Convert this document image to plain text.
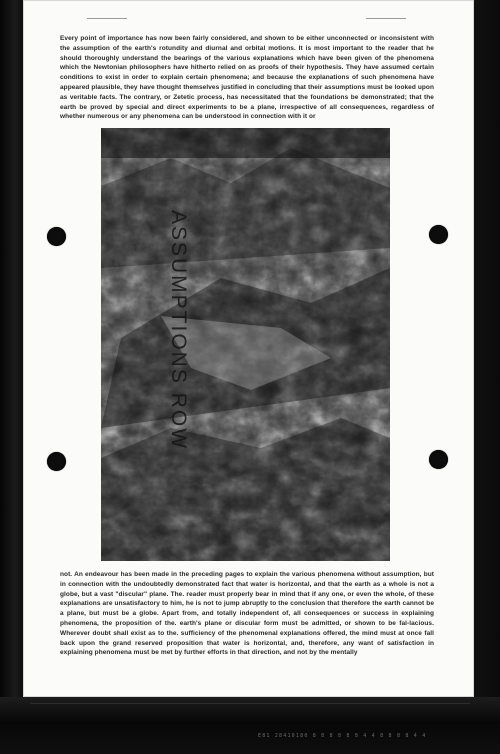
Every point of importance has now been fairly considered, and shown to be either unconnected or inconsistent with the assumption of the earth's rotundity and diurnal and orbital motions. It is most important to the reader that he should thoroughly understand the bearings of the various explanations which have been given of the phenomena which the Newtonian philosophers have hitherto relied on as proofs of their hypothesis. They have assumed certain conditions to exist in order to explain certain phenomena; and because the explanations of such phenomena have appeared plausible, they have thought themselves justified in concluding that their assumptions must be looked upon as veritable facts. The contrary, or Zetetic process, has necessitated that the foundations be demonstrated; that the earth be proved by special and direct experiments to be a plane, irrespective of all consequences, regardless of whether numerous or any phenomena can be understood in connection with it or

ASSUMPTIONS ROW

not. An endeavour has been made in the preceding pages to explain the various phenomena without assumption, but in connection with the undoubtedly demonstrated fact that water is horizontal, and that the earth as a whole is not a globe, but a vast "discular" plane. The. reader must properly bear in mind that if any one, or even the whole, of these explanations are unsatisfactory to him, he is not to jump abruptly to the conclusion that therefore the earth cannot be a plane, but must be a globe. Apart from, and totally independent of, all consequences or success in explaining phenomena, the proposition of the. earth's plane or discular form must be admitted, or shown to be fal-lacious. Wherever doubt shall exist as to the. sufficiency of the phenomenal explanations offered, the mind must at once fall back upon the grand reserved proposition that water is horizontal, and, therefore, any want of satisfaction in explaining phenomena must be met by further efforts in that direction, and not by the mentally

E81 28410180 8 8 8 8 8 8 4 4 8 8 8 8 4 4
